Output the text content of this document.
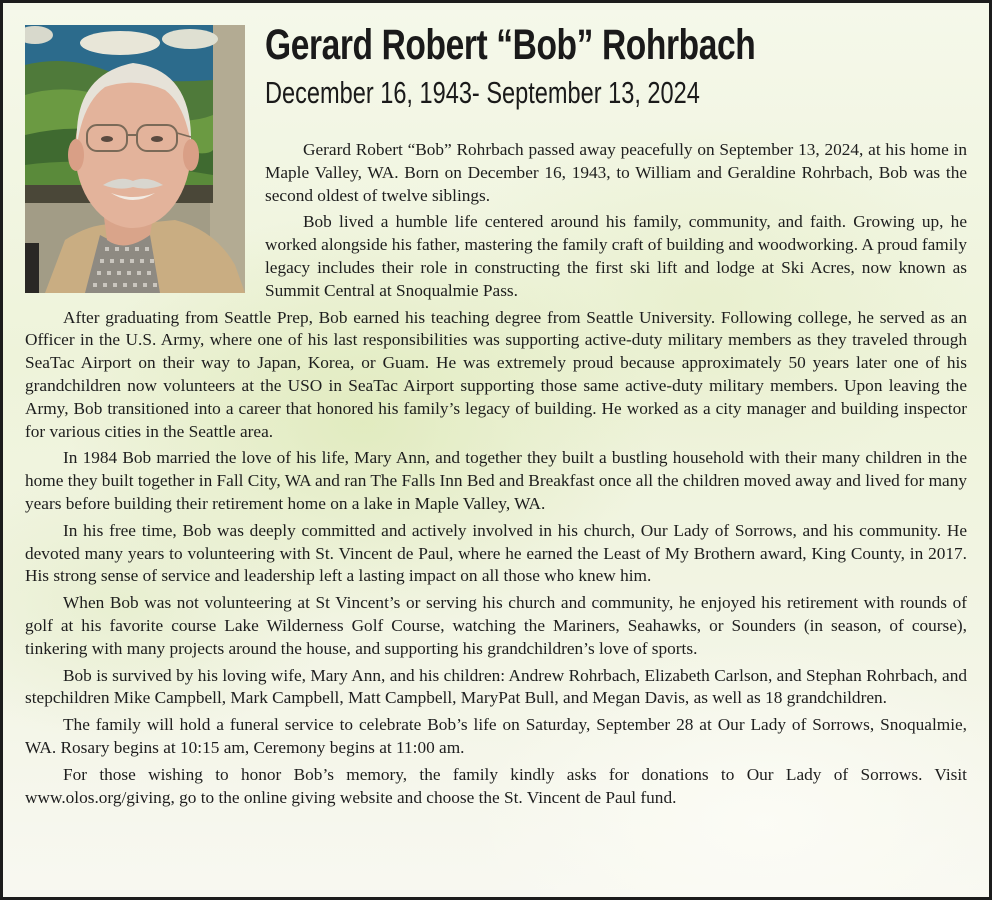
Gerard Robert “Bob” Rohrbach
December 16, 1943- September 13, 2024

Gerard Robert “Bob” Rohrbach passed away peacefully on September 13, 2024, at his home in Maple Valley, WA. Born on December 16, 1943, to William and Geraldine Rohrbach, Bob was the second oldest of twelve siblings.

Bob lived a humble life centered around his family, community, and faith. Growing up, he worked alongside his father, mastering the family craft of building and woodworking. A proud family legacy includes their role in constructing the first ski lift and lodge at Ski Acres, now known as Summit Central at Snoqualmie Pass.

After graduating from Seattle Prep, Bob earned his teaching degree from Seattle University. Following college, he served as an Officer in the U.S. Army, where one of his last responsibilities was supporting active-duty military members as they traveled through SeaTac Airport on their way to Japan, Korea, or Guam. He was extremely proud because approximately 50 years later one of his grandchildren now volunteers at the USO in SeaTac Airport supporting those same active-duty military members. Upon leaving the Army, Bob transitioned into a career that honored his family’s legacy of building. He worked as a city manager and building inspector for various cities in the Seattle area.

In 1984 Bob married the love of his life, Mary Ann, and together they built a bustling household with their many children in the home they built together in Fall City, WA and ran The Falls Inn Bed and Breakfast once all the children moved away and lived for many years before building their retirement home on a lake in Maple Valley, WA.

In his free time, Bob was deeply committed and actively involved in his church, Our Lady of Sorrows, and his community. He devoted many years to volunteering with St. Vincent de Paul, where he earned the Least of My Brothern award, King County, in 2017. His strong sense of service and leadership left a lasting impact on all those who knew him.

When Bob was not volunteering at St Vincent’s or serving his church and community, he enjoyed his retirement with rounds of golf at his favorite course Lake Wilderness Golf Course, watching the Mariners, Seahawks, or Sounders (in season, of course), tinkering with many projects around the house, and supporting his grandchildren’s love of sports.

Bob is survived by his loving wife, Mary Ann, and his children: Andrew Rohrbach, Elizabeth Carlson, and Stephan Rohrbach, and stepchildren Mike Campbell, Mark Campbell, Matt Campbell, MaryPat Bull, and Megan Davis, as well as 18 grandchildren.

The family will hold a funeral service to celebrate Bob’s life on Saturday, September 28 at Our Lady of Sorrows, Snoqualmie, WA. Rosary begins at 10:15 am, Ceremony begins at 11:00 am.

For those wishing to honor Bob’s memory, the family kindly asks for donations to Our Lady of Sorrows. Visit www.olos.org/giving, go to the online giving website and choose the St. Vincent de Paul fund.
